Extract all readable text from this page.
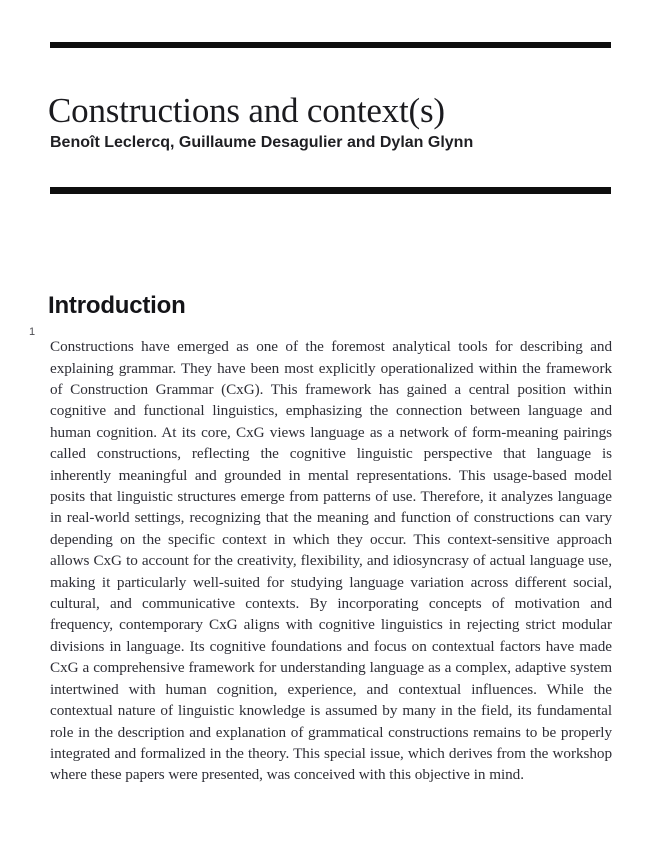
Constructions and context(s)
Benoît Leclercq, Guillaume Desagulier and Dylan Glynn
Introduction
1

Constructions have emerged as one of the foremost analytical tools for describing and explaining grammar. They have been most explicitly operationalized within the framework of Construction Grammar (CxG). This framework has gained a central position within cognitive and functional linguistics, emphasizing the connection between language and human cognition. At its core, CxG views language as a network of form-meaning pairings called constructions, reflecting the cognitive linguistic perspective that language is inherently meaningful and grounded in mental representations. This usage-based model posits that linguistic structures emerge from patterns of use. Therefore, it analyzes language in real-world settings, recognizing that the meaning and function of constructions can vary depending on the specific context in which they occur. This context-sensitive approach allows CxG to account for the creativity, flexibility, and idiosyncrasy of actual language use, making it particularly well-suited for studying language variation across different social, cultural, and communicative contexts. By incorporating concepts of motivation and frequency, contemporary CxG aligns with cognitive linguistics in rejecting strict modular divisions in language. Its cognitive foundations and focus on contextual factors have made CxG a comprehensive framework for understanding language as a complex, adaptive system intertwined with human cognition, experience, and contextual influences. While the contextual nature of linguistic knowledge is assumed by many in the field, its fundamental role in the description and explanation of grammatical constructions remains to be properly integrated and formalized in the theory. This special issue, which derives from the workshop where these papers were presented, was conceived with this objective in mind.
